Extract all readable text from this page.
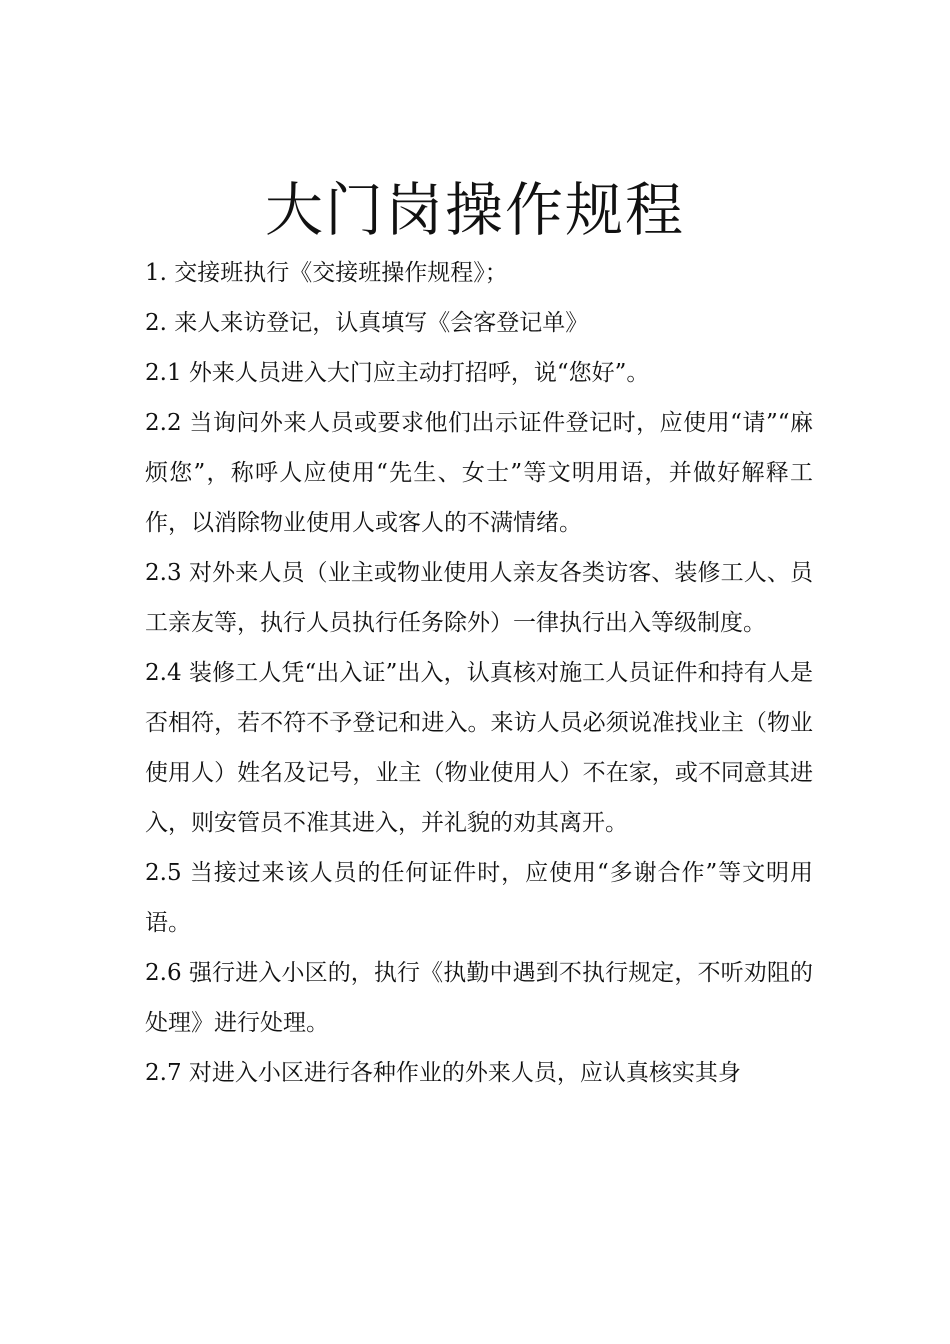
大门岗操作规程

1. 交接班执行《交接班操作规程》；

2. 来人来访登记，认真填写《会客登记单》

2.1 外来人员进入大门应主动打招呼，说“您好”。

2.2 当询问外来人员或要求他们出示证件登记时，应使用“请”“麻烦您”，称呼人应使用“先生、女士”等文明用语，并做好解释工作，以消除物业使用人或客人的不满情绪。

2.3 对外来人员（业主或物业使用人亲友各类访客、装修工人、员工亲友等，执行人员执行任务除外）一律执行出入等级制度。

2.4 装修工人凭“出入证”出入，认真核对施工人员证件和持有人是否相符，若不符不予登记和进入。来访人员必须说准找业主（物业使用人）姓名及记号，业主（物业使用人）不在家，或不同意其进入，则安管员不准其进入，并礼貌的劝其离开。

2.5 当接过来该人员的任何证件时，应使用“多谢合作”等文明用语。

2.6 强行进入小区的，执行《执勤中遇到不执行规定，不听劝阻的处理》进行处理。

2.7 对进入小区进行各种作业的外来人员，应认真核实其身
